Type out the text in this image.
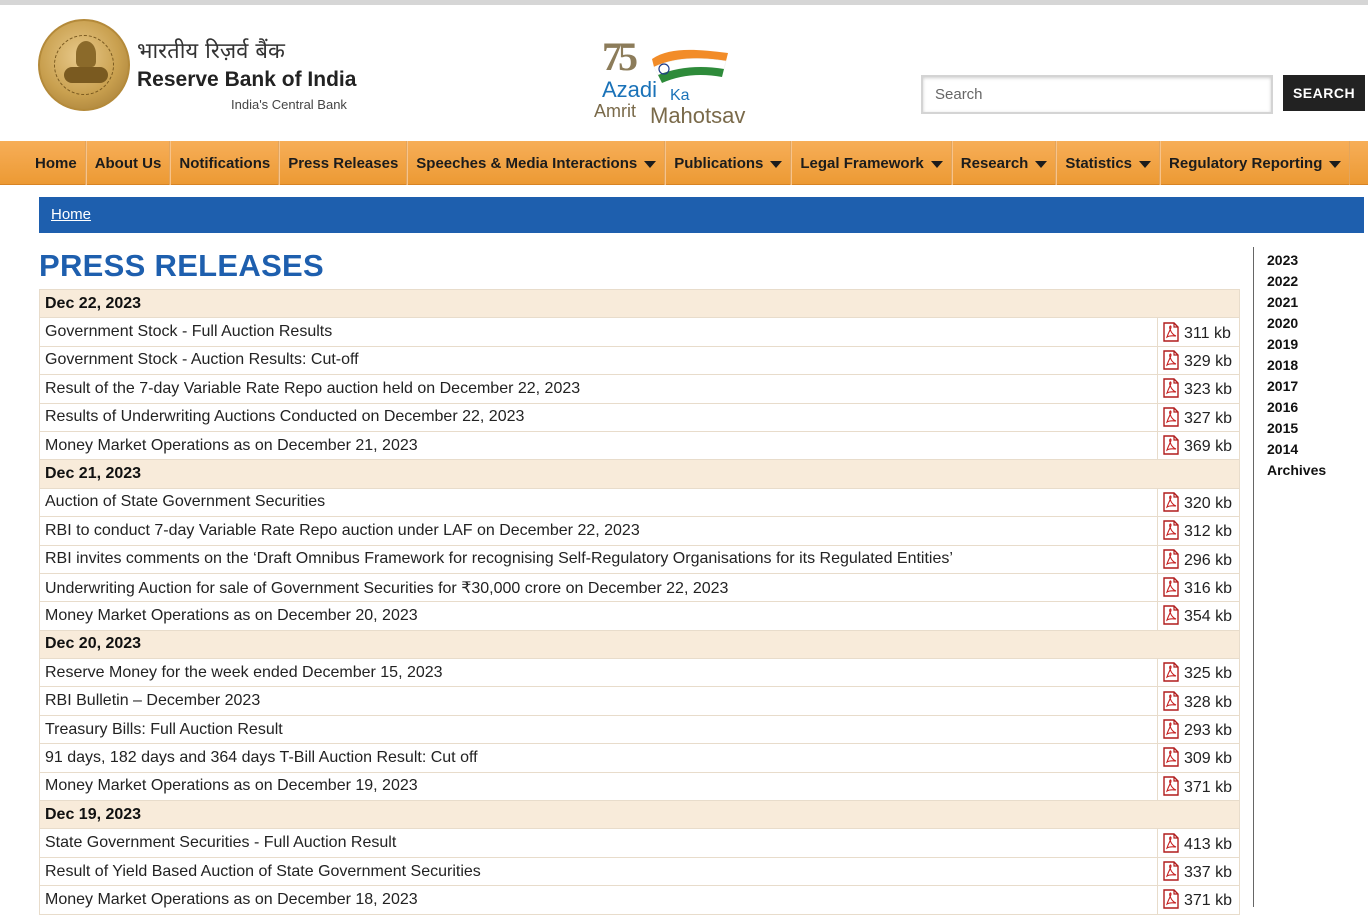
भारतीय रिज़र्व बैंक
Reserve Bank of India
India's Central Bank
75
Azadi Ka
Amrit Mahotsav
Search
SEARCH
Home About Us Notifications Press Releases Speeches & Media Interactions Publications Legal Framework Research Statistics Regulatory Reporting
Home
PRESS RELEASES
Dec 22, 2023	
Government Stock - Full Auction Results	311 kb
Government Stock - Auction Results: Cut-off	329 kb
Result of the 7-day Variable Rate Repo auction held on December 22, 2023	323 kb
Results of Underwriting Auctions Conducted on December 22, 2023	327 kb
Money Market Operations as on December 21, 2023	369 kb
Dec 21, 2023	
Auction of State Government Securities	320 kb
RBI to conduct 7-day Variable Rate Repo auction under LAF on December 22, 2023	312 kb
RBI invites comments on the ‘Draft Omnibus Framework for recognising Self-Regulatory Organisations for its Regulated Entities’	296 kb
Underwriting Auction for sale of Government Securities for ₹30,000 crore on December 22, 2023	316 kb
Money Market Operations as on December 20, 2023	354 kb
Dec 20, 2023	
Reserve Money for the week ended December 15, 2023	325 kb
RBI Bulletin – December 2023	328 kb
Treasury Bills: Full Auction Result	293 kb
91 days, 182 days and 364 days T-Bill Auction Result: Cut off	309 kb
Money Market Operations as on December 19, 2023	371 kb
Dec 19, 2023	
State Government Securities - Full Auction Result	413 kb
Result of Yield Based Auction of State Government Securities	337 kb
Money Market Operations as on December 18, 2023	371 kb
2023
2022
2021
2020
2019
2018
2017
2016
2015
2014
Archives
